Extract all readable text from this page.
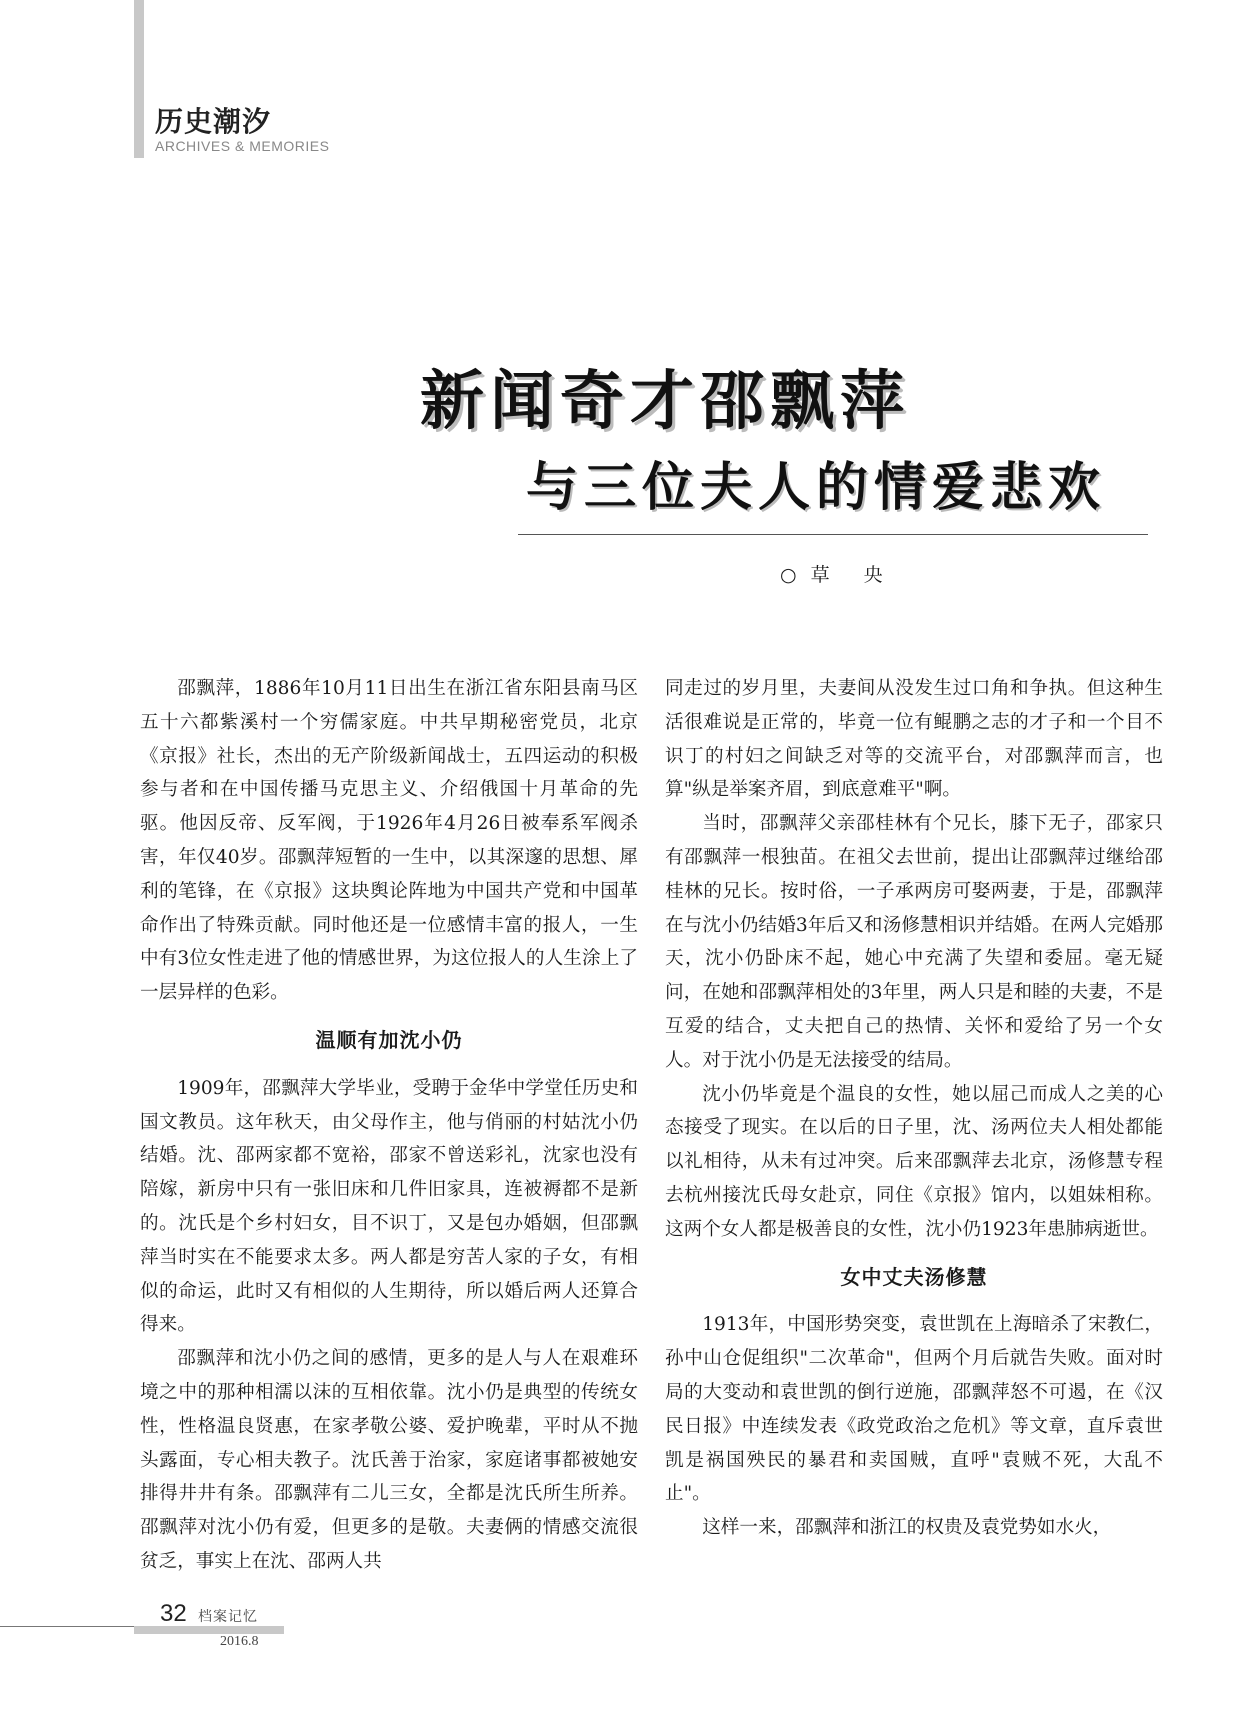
历史潮汐
ARCHIVES & MEMORIES
新闻奇才邵飘萍
与三位夫人的情爱悲欢
○草 央

邵飘萍，1886年10月11日出生在浙江省东阳县南马区五十六都紫溪村一个穷儒家庭。中共早期秘密党员，北京《京报》社长，杰出的无产阶级新闻战士，五四运动的积极参与者和在中国传播马克思主义、介绍俄国十月革命的先驱。他因反帝、反军阀，于1926年4月26日被奉系军阀杀害，年仅40岁。邵飘萍短暂的一生中，以其深邃的思想、犀利的笔锋，在《京报》这块舆论阵地为中国共产党和中国革命作出了特殊贡献。同时他还是一位感情丰富的报人，一生中有3位女性走进了他的情感世界，为这位报人的人生涂上了一层异样的色彩。

温顺有加沈小仍

1909年，邵飘萍大学毕业，受聘于金华中学堂任历史和国文教员。这年秋天，由父母作主，他与俏丽的村姑沈小仍结婚。沈、邵两家都不宽裕，邵家不曾送彩礼，沈家也没有陪嫁，新房中只有一张旧床和几件旧家具，连被褥都不是新的。沈氏是个乡村妇女，目不识丁，又是包办婚姻，但邵飘萍当时实在不能要求太多。两人都是穷苦人家的子女，有相似的命运，此时又有相似的人生期待，所以婚后两人还算合得来。

邵飘萍和沈小仍之间的感情，更多的是人与人在艰难环境之中的那种相濡以沫的互相依靠。沈小仍是典型的传统女性，性格温良贤惠，在家孝敬公婆、爱护晚辈，平时从不抛头露面，专心相夫教子。沈氏善于治家，家庭诸事都被她安排得井井有条。邵飘萍有二儿三女，全都是沈氏所生所养。邵飘萍对沈小仍有爱，但更多的是敬。夫妻俩的情感交流很贫乏，事实上在沈、邵两人共

同走过的岁月里，夫妻间从没发生过口角和争执。但这种生活很难说是正常的，毕竟一位有鲲鹏之志的才子和一个目不识丁的村妇之间缺乏对等的交流平台，对邵飘萍而言，也算"纵是举案齐眉，到底意难平"啊。

当时，邵飘萍父亲邵桂林有个兄长，膝下无子，邵家只有邵飘萍一根独苗。在祖父去世前，提出让邵飘萍过继给邵桂林的兄长。按时俗，一子承两房可娶两妻，于是，邵飘萍在与沈小仍结婚3年后又和汤修慧相识并结婚。在两人完婚那天，沈小仍卧床不起，她心中充满了失望和委屈。毫无疑问，在她和邵飘萍相处的3年里，两人只是和睦的夫妻，不是互爱的结合，丈夫把自己的热情、关怀和爱给了另一个女人。对于沈小仍是无法接受的结局。

沈小仍毕竟是个温良的女性，她以屈己而成人之美的心态接受了现实。在以后的日子里，沈、汤两位夫人相处都能以礼相待，从未有过冲突。后来邵飘萍去北京，汤修慧专程去杭州接沈氏母女赴京，同住《京报》馆内，以姐妹相称。这两个女人都是极善良的女性，沈小仍1923年患肺病逝世。

女中丈夫汤修慧

1913年，中国形势突变，袁世凯在上海暗杀了宋教仁，孙中山仓促组织"二次革命"，但两个月后就告失败。面对时局的大变动和袁世凯的倒行逆施，邵飘萍怒不可遏，在《汉民日报》中连续发表《政党政治之危机》等文章，直斥袁世凯是祸国殃民的暴君和卖国贼，直呼"袁贼不死，大乱不止"。

这样一来，邵飘萍和浙江的权贵及袁党势如水火，

32 档案记忆
2016.8
